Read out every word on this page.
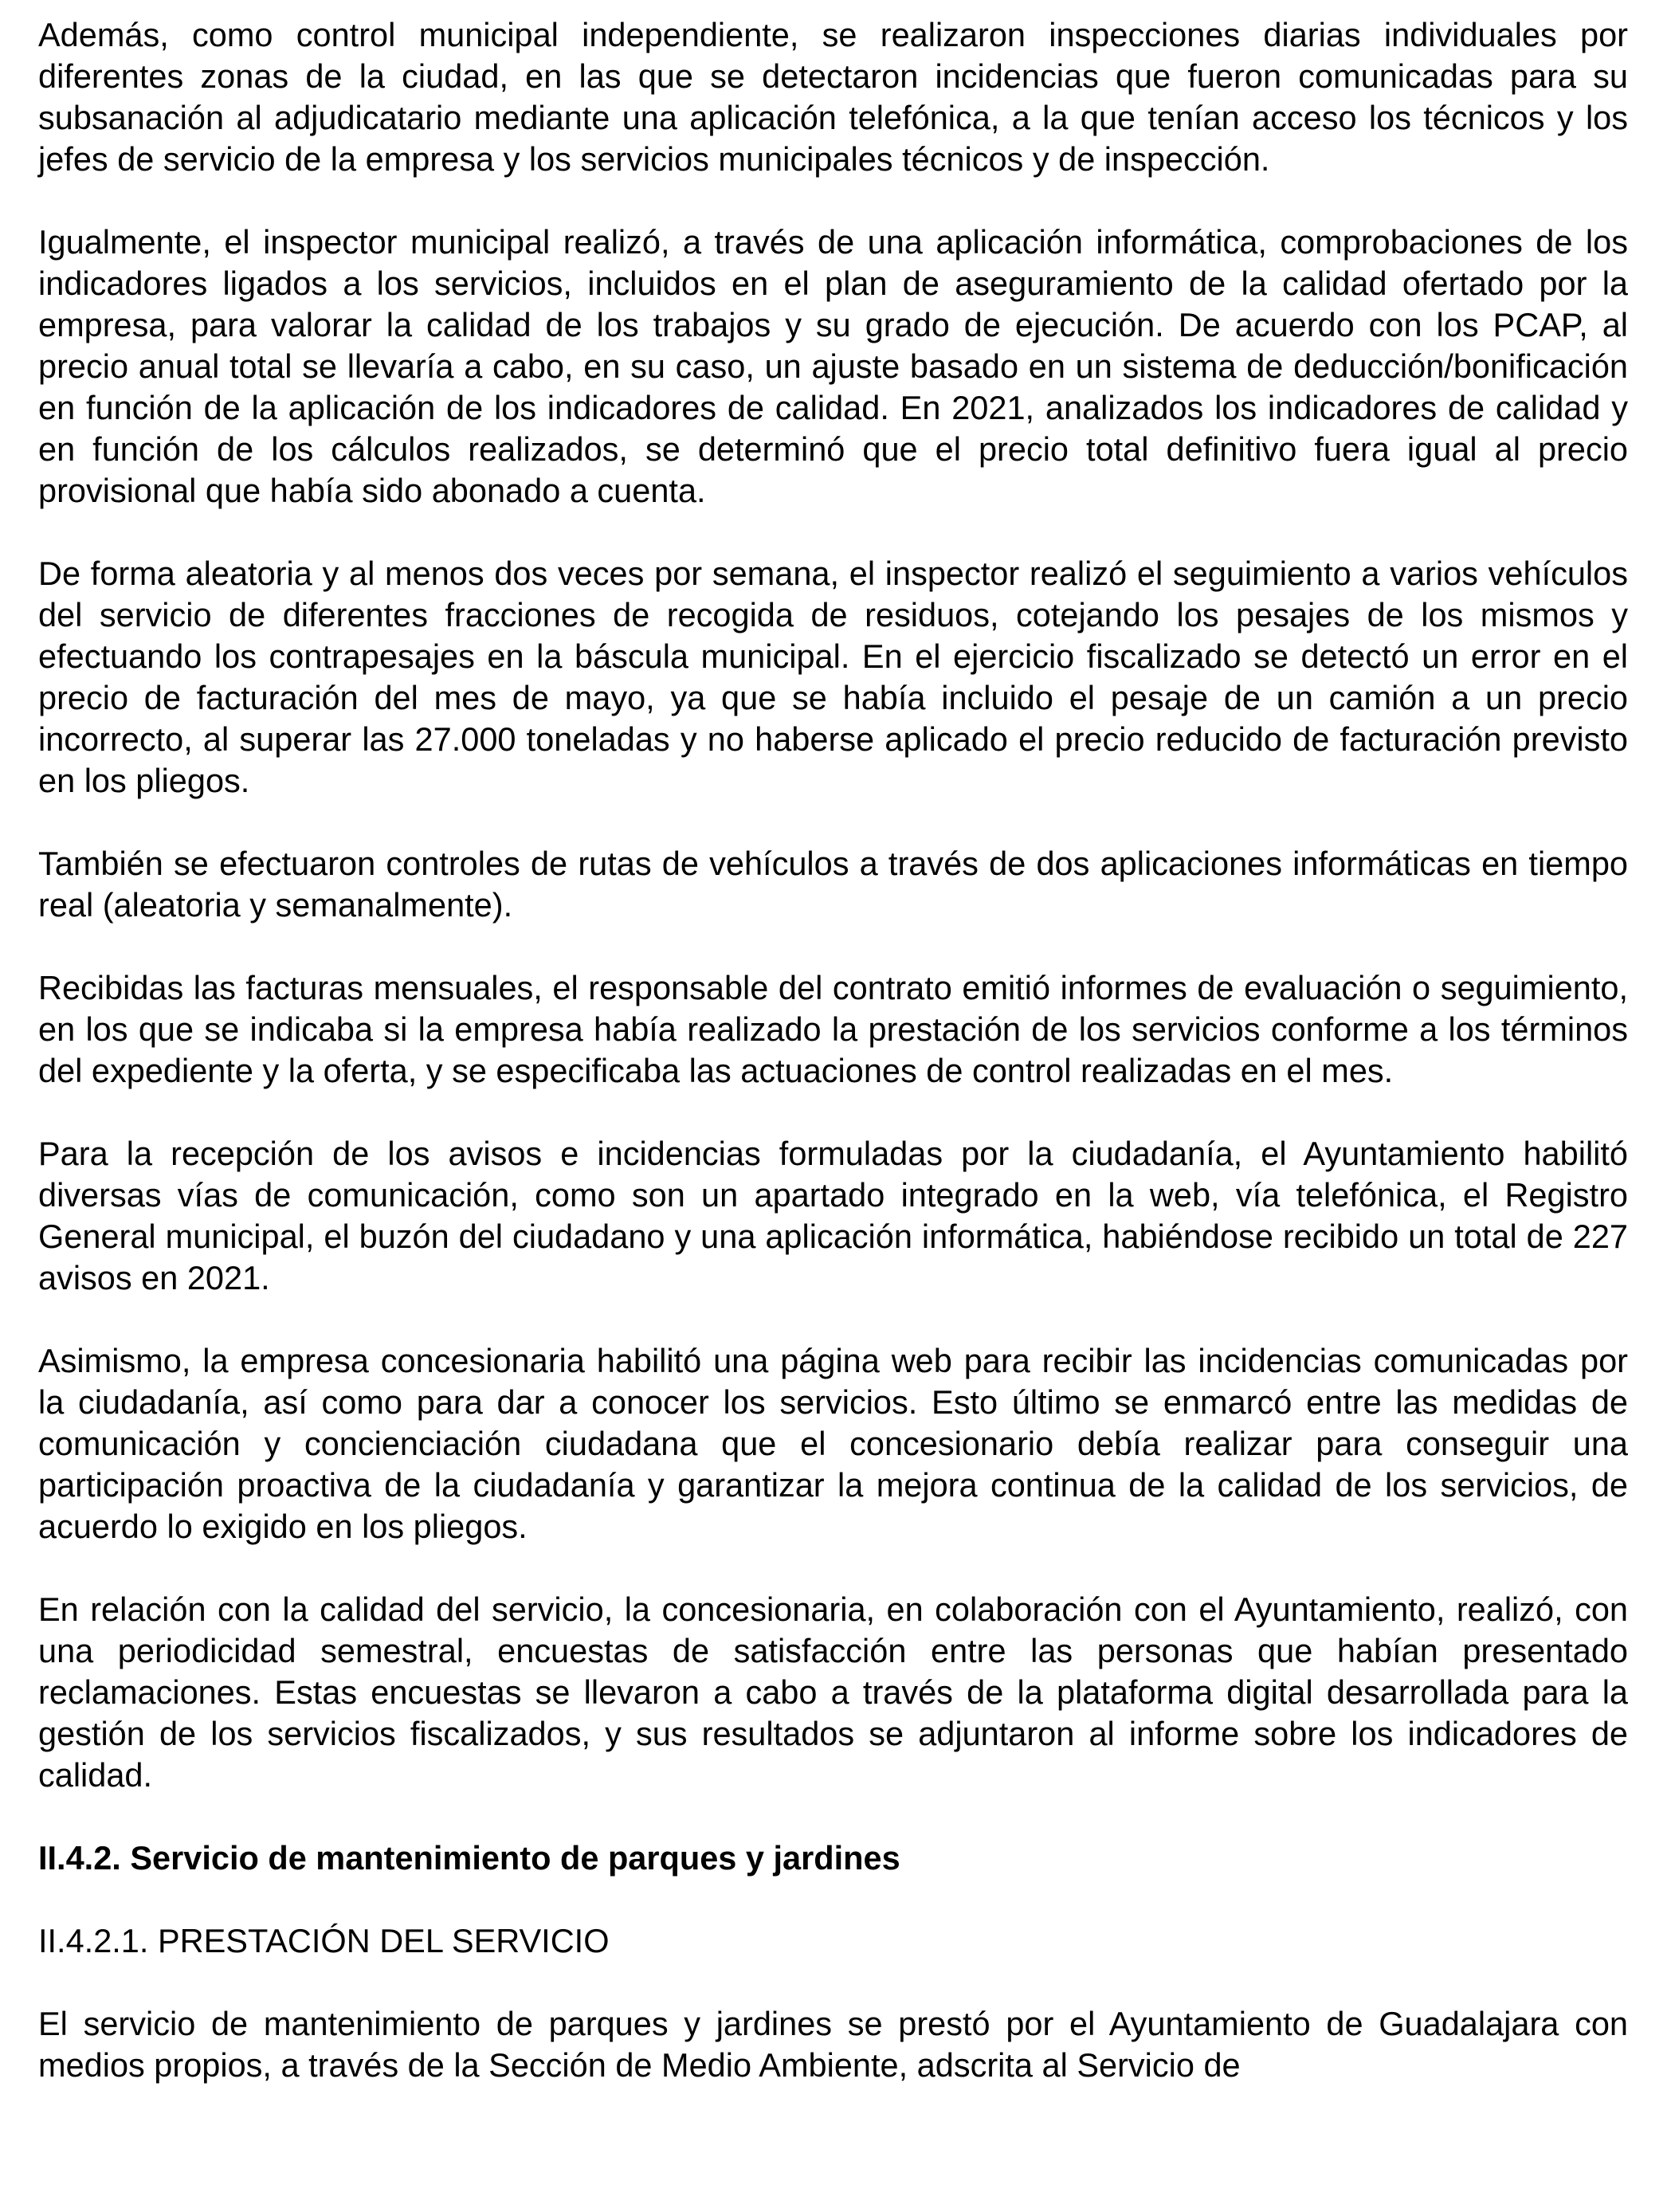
Además, como control municipal independiente, se realizaron inspecciones diarias individuales por diferentes zonas de la ciudad, en las que se detectaron incidencias que fueron comunicadas para su subsanación al adjudicatario mediante una aplicación telefónica, a la que tenían acceso los técnicos y los jefes de servicio de la empresa y los servicios municipales técnicos y de inspección.

Igualmente, el inspector municipal realizó, a través de una aplicación informática, comprobaciones de los indicadores ligados a los servicios, incluidos en el plan de aseguramiento de la calidad ofertado por la empresa, para valorar la calidad de los trabajos y su grado de ejecución. De acuerdo con los PCAP, al precio anual total se llevaría a cabo, en su caso, un ajuste basado en un sistema de deducción/bonificación en función de la aplicación de los indicadores de calidad. En 2021, analizados los indicadores de calidad y en función de los cálculos realizados, se determinó que el precio total definitivo fuera igual al precio provisional que había sido abonado a cuenta.

De forma aleatoria y al menos dos veces por semana, el inspector realizó el seguimiento a varios vehículos del servicio de diferentes fracciones de recogida de residuos, cotejando los pesajes de los mismos y efectuando los contrapesajes en la báscula municipal. En el ejercicio fiscalizado se detectó un error en el precio de facturación del mes de mayo, ya que se había incluido el pesaje de un camión a un precio incorrecto, al superar las 27.000 toneladas y no haberse aplicado el precio reducido de facturación previsto en los pliegos.

También se efectuaron controles de rutas de vehículos a través de dos aplicaciones informáticas en tiempo real (aleatoria y semanalmente).

Recibidas las facturas mensuales, el responsable del contrato emitió informes de evaluación o seguimiento, en los que se indicaba si la empresa había realizado la prestación de los servicios conforme a los términos del expediente y la oferta, y se especificaba las actuaciones de control realizadas en el mes.

Para la recepción de los avisos e incidencias formuladas por la ciudadanía, el Ayuntamiento habilitó diversas vías de comunicación, como son un apartado integrado en la web, vía telefónica, el Registro General municipal, el buzón del ciudadano y una aplicación informática, habiéndose recibido un total de 227 avisos en 2021.

Asimismo, la empresa concesionaria habilitó una página web para recibir las incidencias comunicadas por la ciudadanía, así como para dar a conocer los servicios. Esto último se enmarcó entre las medidas de comunicación y concienciación ciudadana que el concesionario debía realizar para conseguir una participación proactiva de la ciudadanía y garantizar la mejora continua de la calidad de los servicios, de acuerdo lo exigido en los pliegos.

En relación con la calidad del servicio, la concesionaria, en colaboración con el Ayuntamiento, realizó, con una periodicidad semestral, encuestas de satisfacción entre las personas que habían presentado reclamaciones. Estas encuestas se llevaron a cabo a través de la plataforma digital desarrollada para la gestión de los servicios fiscalizados, y sus resultados se adjuntaron al informe sobre los indicadores de calidad.

II.4.2. Servicio de mantenimiento de parques y jardines
II.4.2.1. PRESTACIÓN DEL SERVICIO

El servicio de mantenimiento de parques y jardines se prestó por el Ayuntamiento de Guadalajara con medios propios, a través de la Sección de Medio Ambiente, adscrita al Servicio de
